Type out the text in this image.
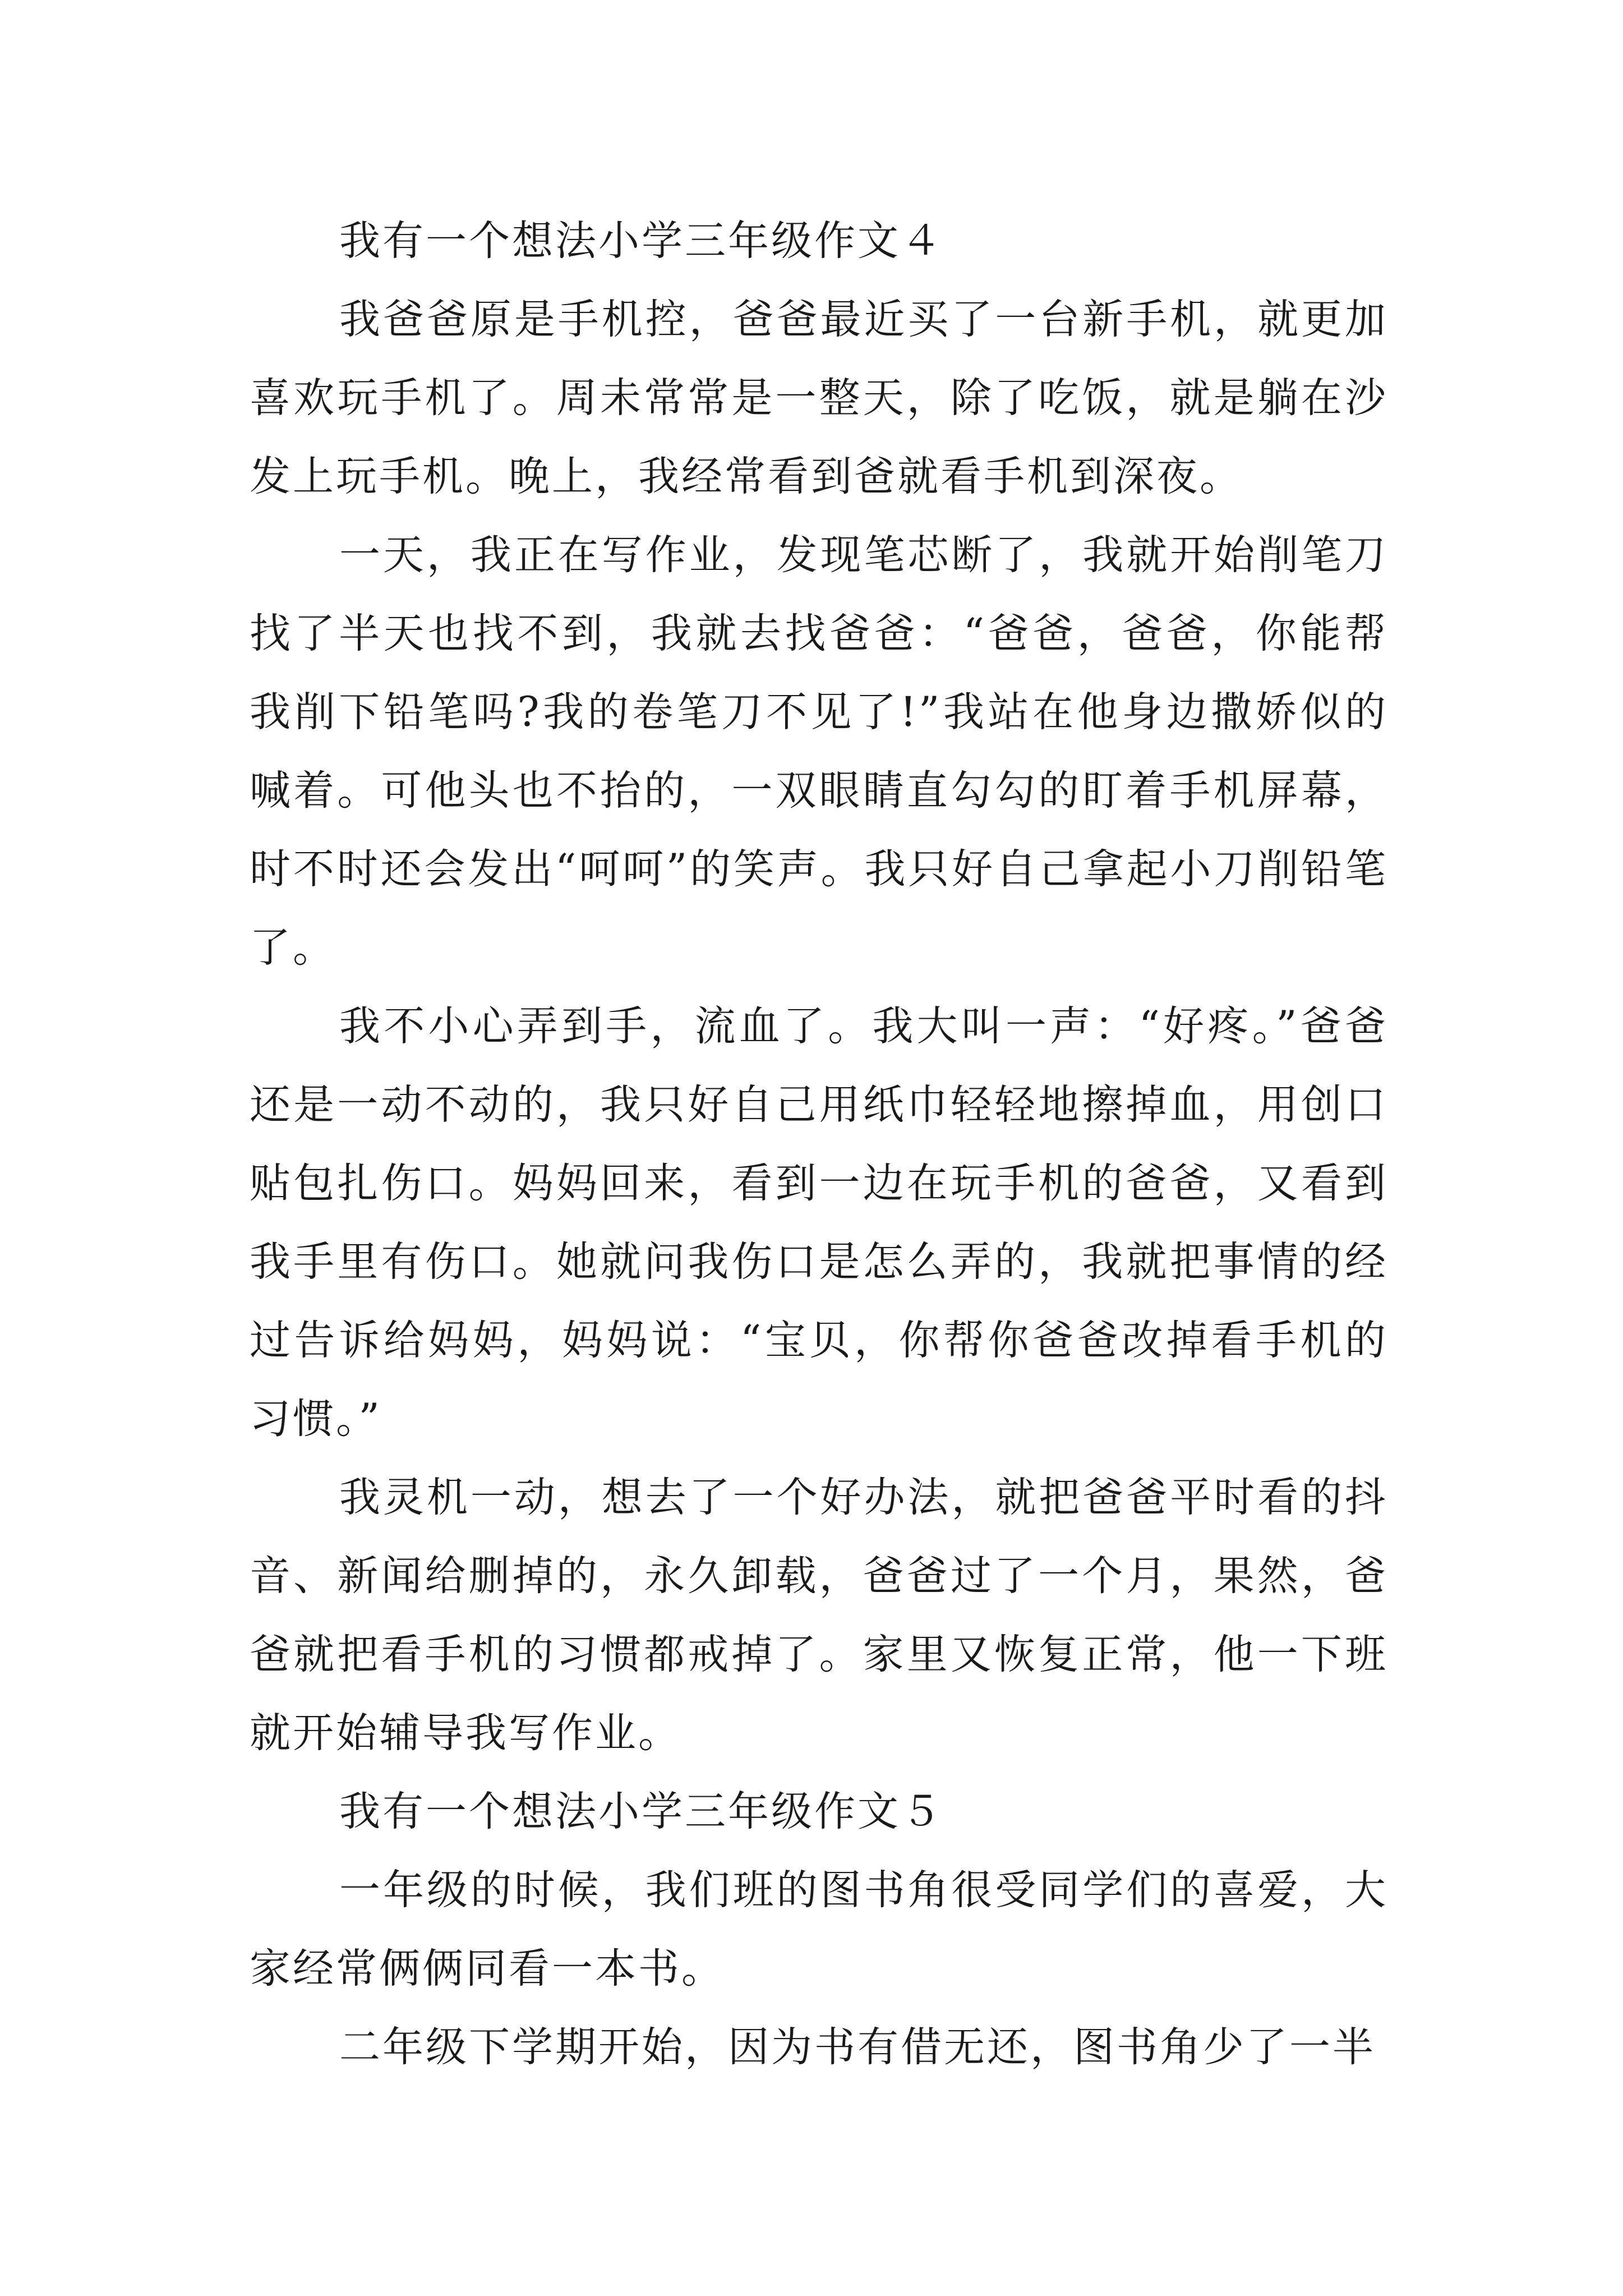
我有一个想法小学三年级作文４

我爸爸原是手机控，爸爸最近买了一台新手机，就更加喜欢玩手机了。周未常常是一整天，除了吃饭，就是躺在沙发上玩手机。晚上，我经常看到爸就看手机到深夜。

一天，我正在写作业，发现笔芯断了，我就开始削笔刀找了半天也找不到，我就去找爸爸：“爸爸，爸爸，你能帮我削下铅笔吗?我的卷笔刀不见了!”我站在他身边撒娇似的喊着。可他头也不抬的，一双眼睛直勾勾的盯着手机屏幕，时不时还会发出“呵呵”的笑声。我只好自己拿起小刀削铅笔了。

我不小心弄到手，流血了。我大叫一声：“好疼。”爸爸还是一动不动的，我只好自己用纸巾轻轻地擦掉血，用创口贴包扎伤口。妈妈回来，看到一边在玩手机的爸爸，又看到我手里有伤口。她就问我伤口是怎么弄的，我就把事情的经过告诉给妈妈，妈妈说：“宝贝，你帮你爸爸改掉看手机的习惯。”

我灵机一动，想去了一个好办法，就把爸爸平时看的抖音、新闻给删掉的，永久卸载，爸爸过了一个月，果然，爸爸就把看手机的习惯都戒掉了。家里又恢复正常，他一下班就开始辅导我写作业。

我有一个想法小学三年级作文５

一年级的时候，我们班的图书角很受同学们的喜爱，大家经常俩俩同看一本书。

二年级下学期开始，因为书有借无还，图书角少了一半
